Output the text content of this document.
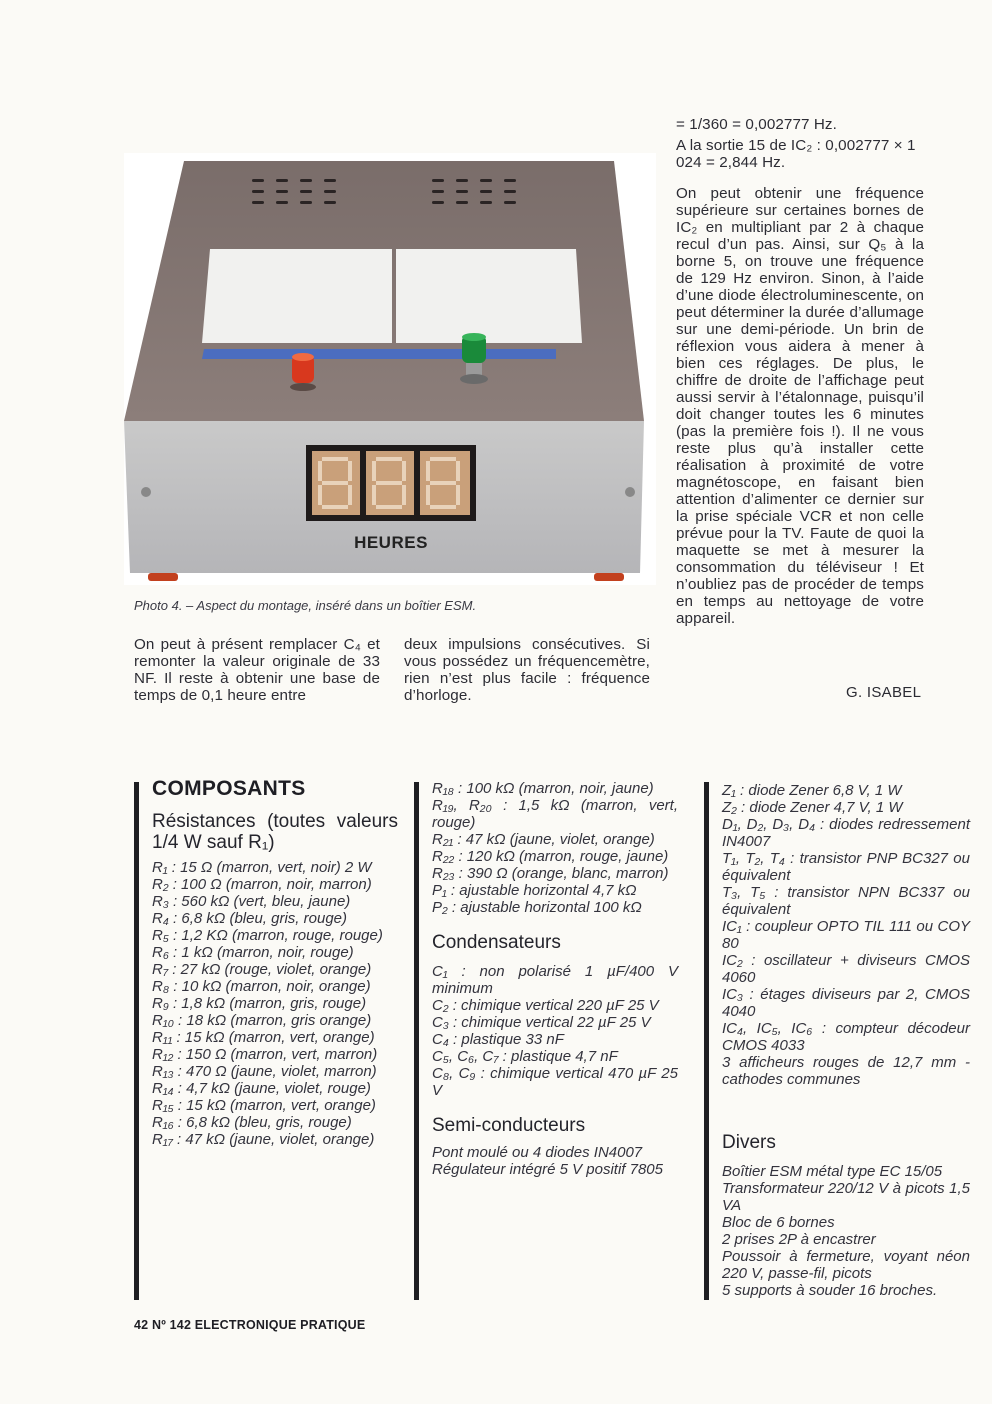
= 1/360 = 0,002777 Hz.

A la sortie 15 de IC₂ : 0,002777 × 1 024 = 2,844 Hz.

On peut obtenir une fréquence supérieure sur certaines bornes de IC₂ en multipliant par 2 à chaque recul d’un pas. Ainsi, sur Q₅ à la borne 5, on trouve une fréquence de 129 Hz environ. Sinon, à l’aide d’une diode électroluminescente, on peut déterminer la durée d’allumage sur une demi-période. Un brin de réflexion vous aidera à mener à bien ces réglages. De plus, le chiffre de droite de l’affichage peut aussi servir à l’étalonnage, puisqu’il doit changer toutes les 6 minutes (pas la première fois !). Il ne vous reste plus qu’à installer cette réalisation à proximité de votre magnétoscope, en faisant bien attention d’alimenter ce dernier sur la prise spéciale VCR et non celle prévue pour la TV. Faute de quoi la maquette se met à mesurer la consommation du téléviseur ! Et n’oubliez pas de procéder de temps en temps au nettoyage de votre appareil.

G. ISABEL
HEURES
Photo 4. – Aspect du montage, inséré dans un boîtier ESM.
On peut à présent remplacer C₄ et remonter la valeur originale de 33 NF. Il reste à obtenir une base de temps de 0,1 heure entre
deux impulsions consécutives. Si vous possédez un fréquencemètre, rien n’est plus facile : fréquence d’horloge.
COMPOSANTS
Résistances (toutes valeurs 1/4 W sauf R₁)
R₁ : 15 Ω (marron, vert, noir) 2 W
R₂ : 100 Ω (marron, noir, marron)
R₃ : 560 kΩ (vert, bleu, jaune)
R₄ : 6,8 kΩ (bleu, gris, rouge)
R₅ : 1,2 KΩ (marron, rouge, rouge)
R₆ : 1 kΩ (marron, noir, rouge)
R₇ : 27 kΩ (rouge, violet, orange)
R₈ : 10 kΩ (marron, noir, orange)
R₉ : 1,8 kΩ (marron, gris, rouge)
R₁₀ : 18 kΩ (marron, gris orange)
R₁₁ : 15 kΩ (marron, vert, orange)
R₁₂ : 150 Ω (marron, vert, marron)
R₁₃ : 470 Ω (jaune, violet, marron)
R₁₄ : 4,7 kΩ (jaune, violet, rouge)
R₁₅ : 15 kΩ (marron, vert, orange)
R₁₆ : 6,8 kΩ (bleu, gris, rouge)
R₁₇ : 47 kΩ (jaune, violet, orange)
R₁₈ : 100 kΩ (marron, noir, jaune)
R₁₉, R₂₀ : 1,5 kΩ (marron, vert, rouge)
R₂₁ : 47 kΩ (jaune, violet, orange)
R₂₂ : 120 kΩ (marron, rouge, jaune)
R₂₃ : 390 Ω (orange, blanc, marron)
P₁ : ajustable horizontal 4,7 kΩ
P₂ : ajustable horizontal 100 kΩ
Condensateurs
C₁ : non polarisé 1 µF/400 V minimum
C₂ : chimique vertical 220 µF 25 V
C₃ : chimique vertical 22 µF 25 V
C₄ : plastique 33 nF
C₅, C₆, C₇ : plastique 4,7 nF
C₈, C₉ : chimique vertical 470 µF 25 V
Semi-conducteurs
Pont moulé ou 4 diodes IN4007
Régulateur intégré 5 V positif 7805
Z₁ : diode Zener 6,8 V, 1 W
Z₂ : diode Zener 4,7 V, 1 W
D₁, D₂, D₃, D₄ : diodes redressement IN4007
T₁, T₂, T₄ : transistor PNP BC327 ou équivalent
T₃, T₅ : transistor NPN BC337 ou équivalent
IC₁ : coupleur OPTO TIL 111 ou COY 80
IC₂ : oscillateur + diviseurs CMOS 4060
IC₃ : étages diviseurs par 2, CMOS 4040
IC₄, IC₅, IC₆ : compteur décodeur CMOS 4033
3 afficheurs rouges de 12,7 mm - cathodes communes
Divers
Boîtier ESM métal type EC 15/05
Transformateur 220/12 V à picots 1,5 VA
Bloc de 6 bornes
2 prises 2P à encastrer
Poussoir à fermeture, voyant néon 220 V, passe-fil, picots
5 supports à souder 16 broches.
42 Nº 142 ELECTRONIQUE PRATIQUE
